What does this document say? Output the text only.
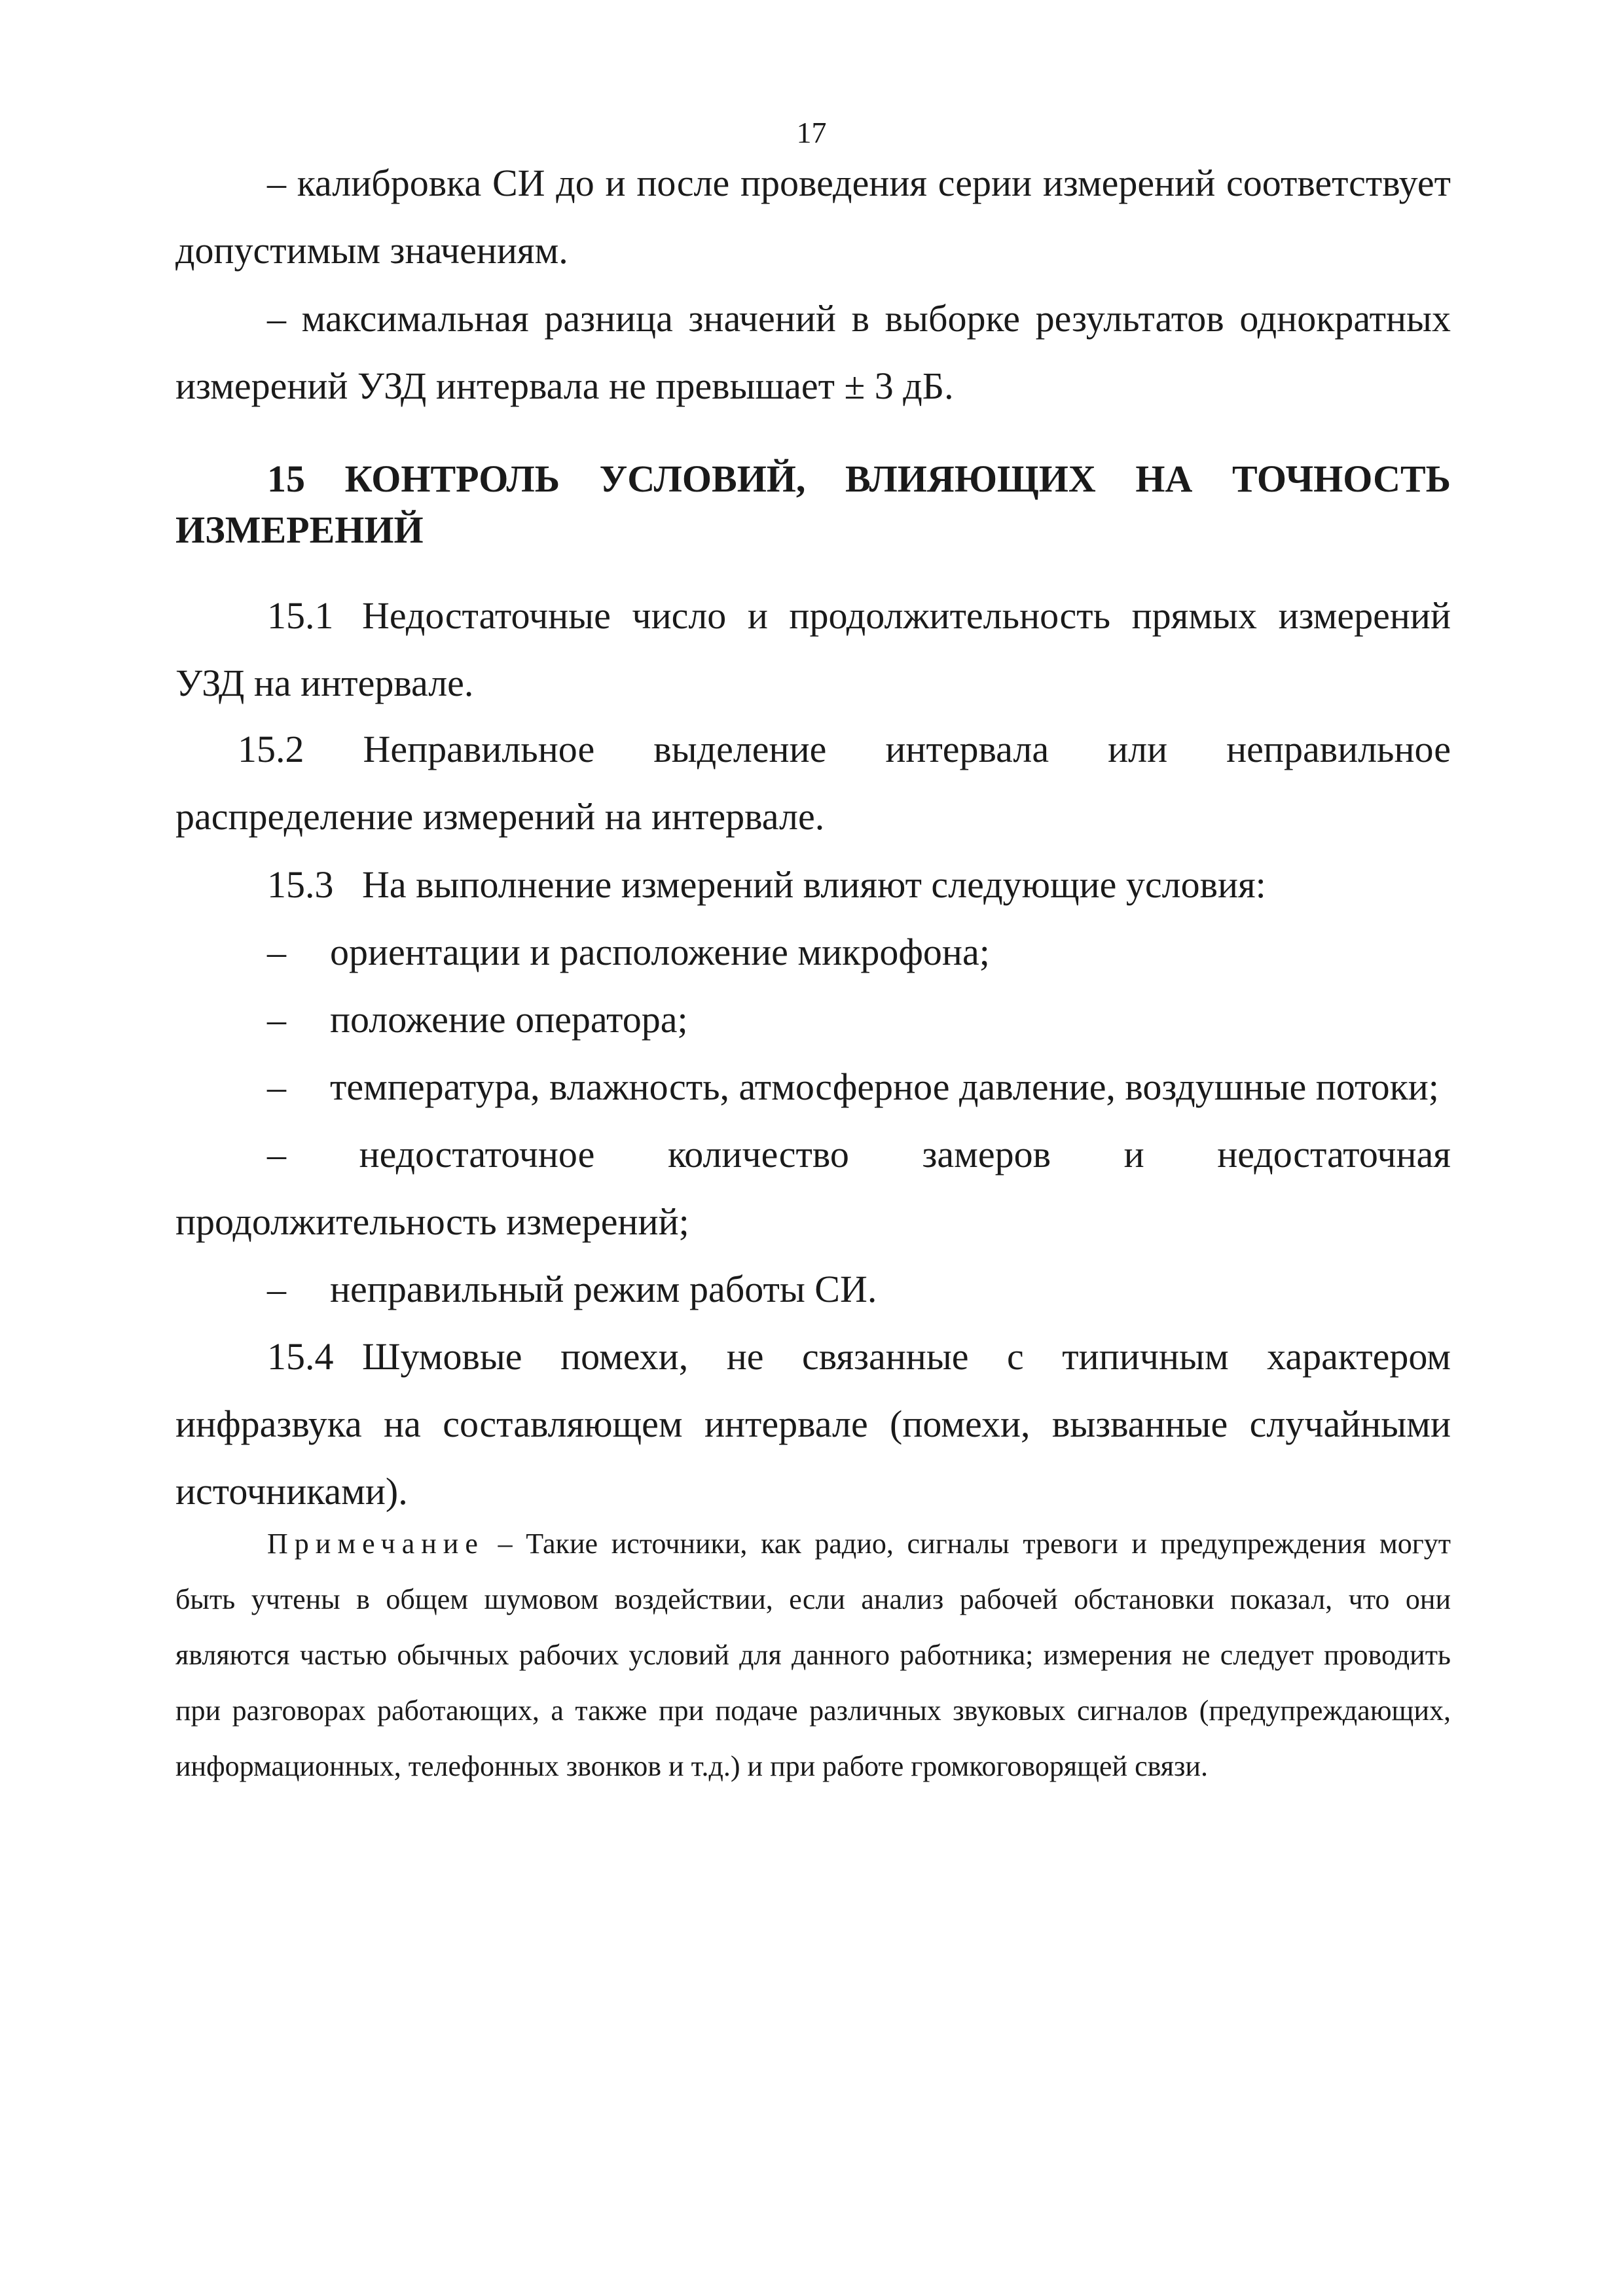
17

– калибровка СИ до и после проведения серии измерений соответствует допустимым значениям.

– максимальная разница значений в выборке результатов однократных измерений УЗД интервала не превышает ± 3 дБ.

15 КОНТРОЛЬ УСЛОВИЙ, ВЛИЯЮЩИХ НА ТОЧНОСТЬ ИЗМЕРЕНИЙ

15.1 Недостаточные число и продолжительность прямых измерений УЗД на интервале.

15.2 Неправильное выделение интервала или неправильное

распределение измерений на интервале.

15.3 На выполнение измерений влияют следующие условия:

– ориентации и расположение микрофона;

– положение оператора;

– температура, влажность, атмосферное давление, воздушные потоки;

– недостаточное количество замеров и недостаточная

продолжительность измерений;

– неправильный режим работы СИ.

15.4 Шумовые помехи, не связанные с типичным характером инфразвука на составляющем интервале (помехи, вызванные случайными источниками).

Примечание – Такие источники, как радио, сигналы тревоги и предупреждения могут быть учтены в общем шумовом воздействии, если анализ рабочей обстановки показал, что они являются частью обычных рабочих условий для данного работника; измерения не следует проводить при разговорах работающих, а также при подаче различных звуковых сигналов (предупреждающих, информационных, телефонных звонков и т.д.) и при работе громкоговорящей связи.
